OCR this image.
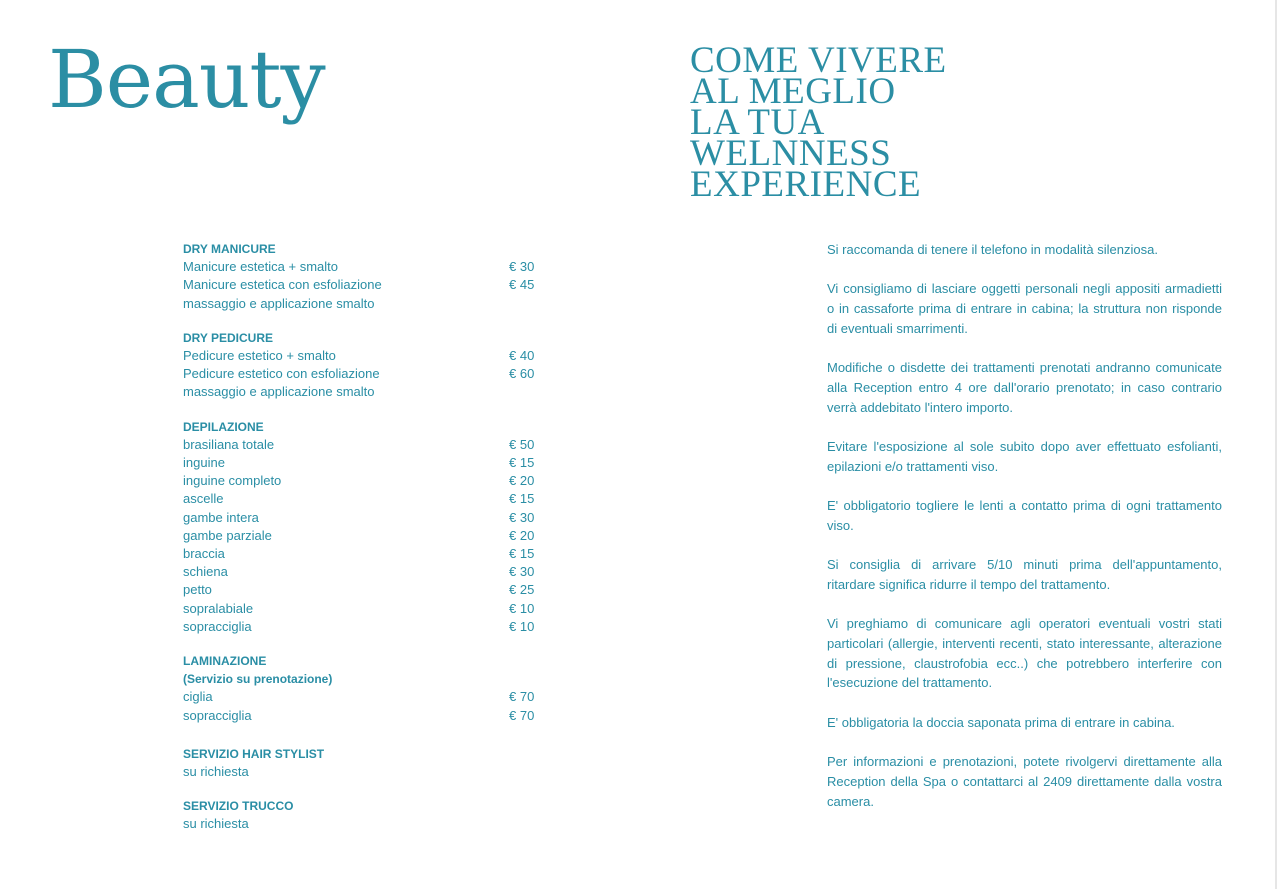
Beauty	COME VIVERE
AL MEGLIO
LA TUA
WELNNESS
EXPERIENCE
DRY MANICURE
Manicure estetica + smalto	€ 30
Manicure estetica con esfoliazione	€ 45
massaggio e applicazione smalto
DRY PEDICURE
Pedicure estetico + smalto	€ 40
Pedicure estetico con esfoliazione	€ 60
massaggio e applicazione smalto
DEPILAZIONE
brasiliana totale	€ 50
inguine	€ 15
inguine completo	€ 20
ascelle	€ 15
gambe intera	€ 30
gambe parziale	€ 20
braccia	€ 15
schiena	€ 30
petto	€ 25
sopralabiale	€ 10
sopracciglia	€ 10
LAMINAZIONE
(Servizio su prenotazione)
ciglia	€ 70
sopracciglia	€ 70
SERVIZIO HAIR STYLIST
su richiesta
SERVIZIO TRUCCO
su richiesta

Si raccomanda di tenere il telefono in modalità silenziosa.

Vi consigliamo di lasciare oggetti personali negli appositi armadietti o in cassaforte prima di entrare in cabina; la struttura non risponde di eventuali smarrimenti.

Modifiche o disdette dei trattamenti prenotati andranno comunicate alla Reception entro 4 ore dall'orario prenotato; in caso contrario verrà addebitato l'intero importo.

Evitare l'esposizione al sole subito dopo aver effettuato esfolianti, epilazioni e/o trattamenti viso.

E' obbligatorio togliere le lenti a contatto prima di ogni trattamento viso.

Si consiglia di arrivare 5/10 minuti prima dell'appuntamento, ritardare significa ridurre il tempo del trattamento.

Vi preghiamo di comunicare agli operatori eventuali vostri stati particolari (allergie, interventi recenti, stato interessante, alterazione di pressione, claustrofobia ecc..) che potrebbero interferire con l'esecuzione del trattamento.

E' obbligatoria la doccia saponata prima di entrare in cabina.

Per informazioni e prenotazioni, potete rivolgervi direttamente alla Reception della Spa o contattarci al 2409 direttamente dalla vostra camera.
